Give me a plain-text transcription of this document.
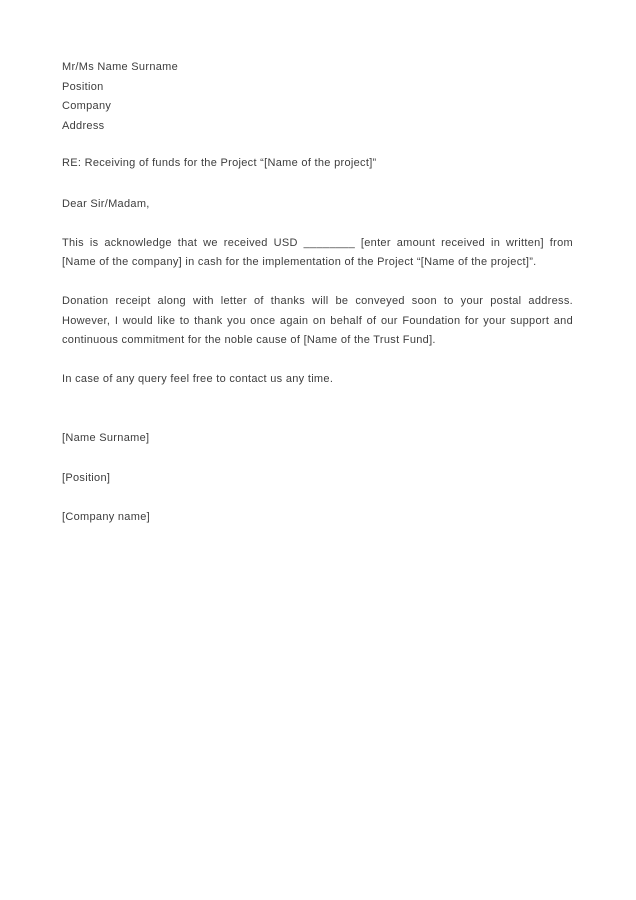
Mr/Ms Name Surname
Position
Company
Address
RE: Receiving of funds for the Project “[Name of the project]”
Dear Sir/Madam,
This is acknowledge that we received USD ________ [enter amount received in written] from [Name of the company] in cash for the implementation of the Project “[Name of the project]”.
Donation receipt along with letter of thanks will be conveyed soon to your postal address. However, I would like to thank you once again on behalf of our Foundation for your support and continuous commitment for the noble cause of [Name of the Trust Fund].
In case of any query feel free to contact us any time.
[Name Surname]
[Position]
[Company name]
